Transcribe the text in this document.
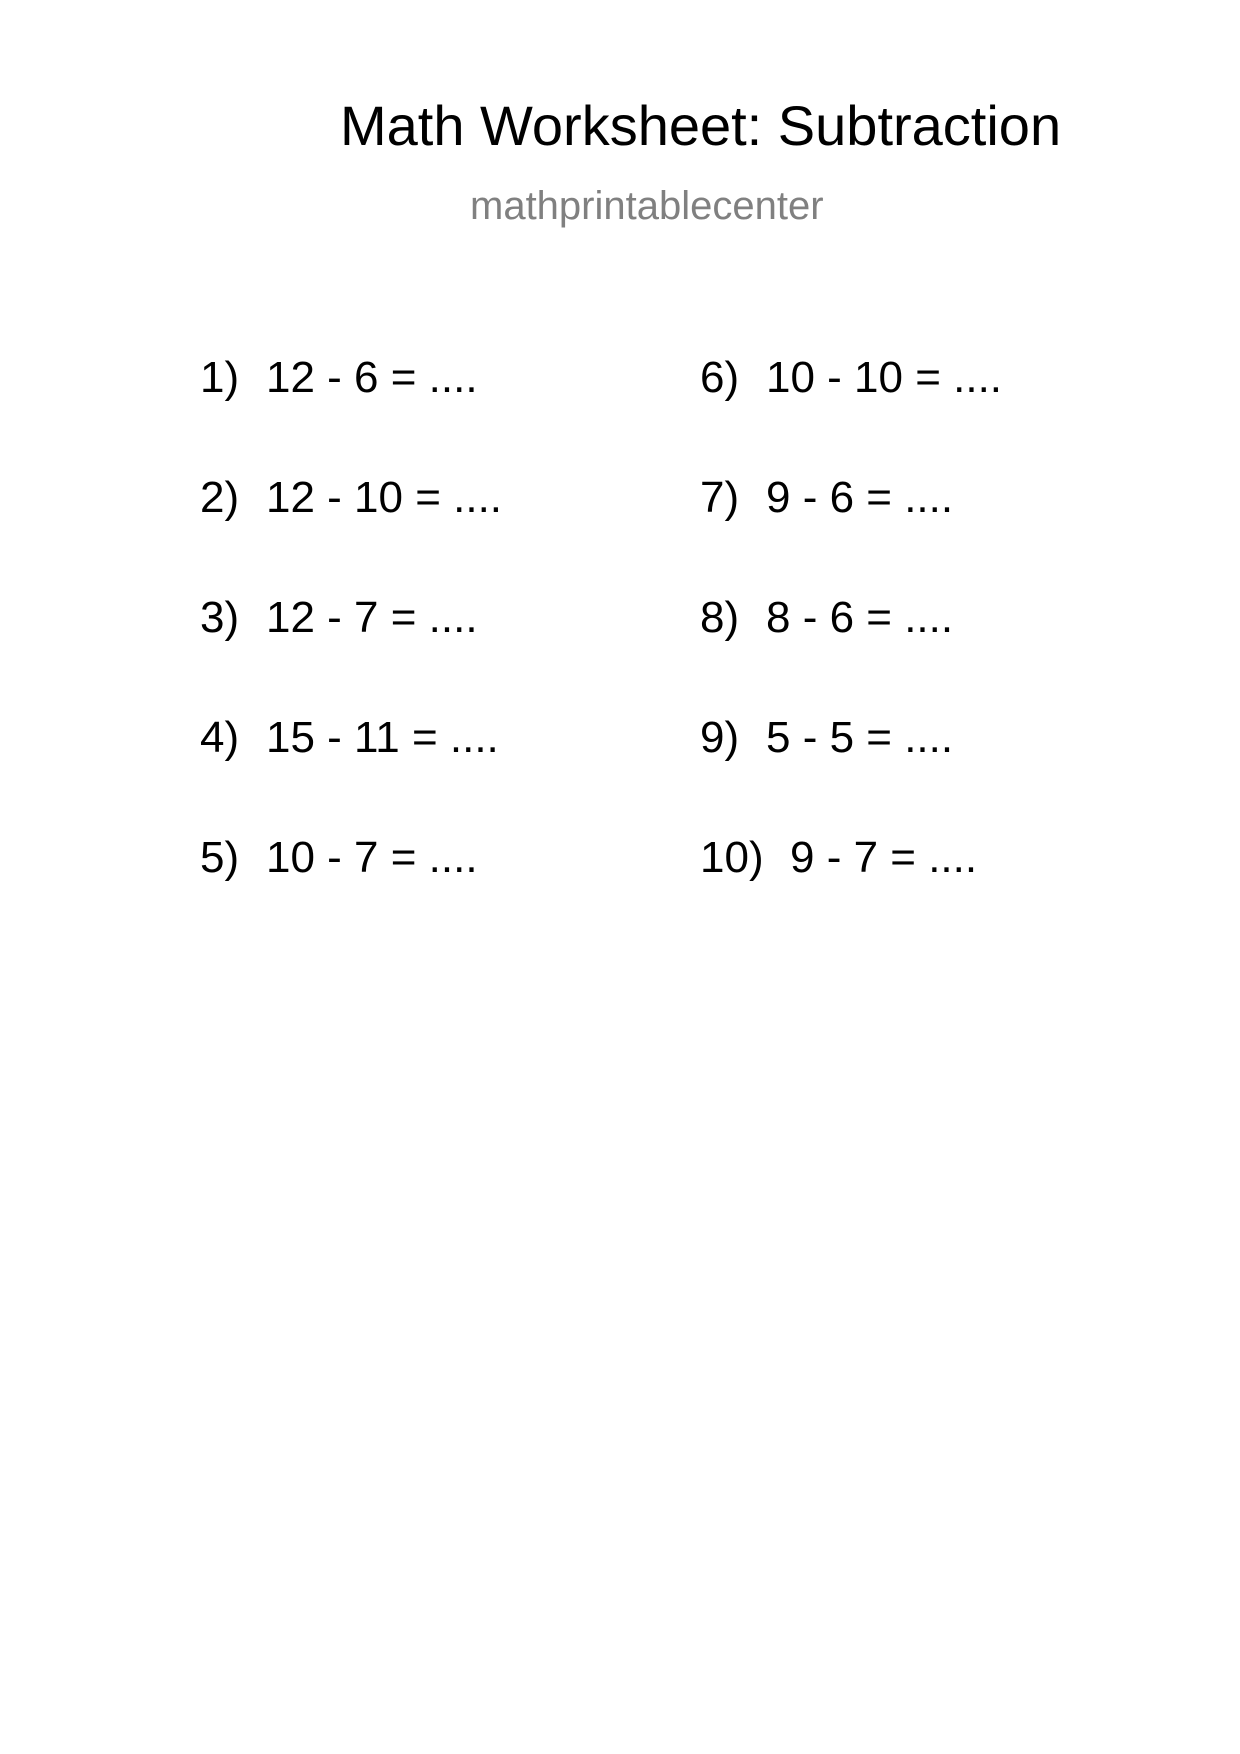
Math Worksheet: Subtraction
mathprintablecenter
1) 12 - 6 = ....
2) 12 - 10 = ....
3) 12 - 7 = ....
4) 15 - 11 = ....
5) 10 - 7 = ....
6) 10 - 10 = ....
7) 9 - 6 = ....
8) 8 - 6 = ....
9) 5 - 5 = ....
10) 9 - 7 = ....
